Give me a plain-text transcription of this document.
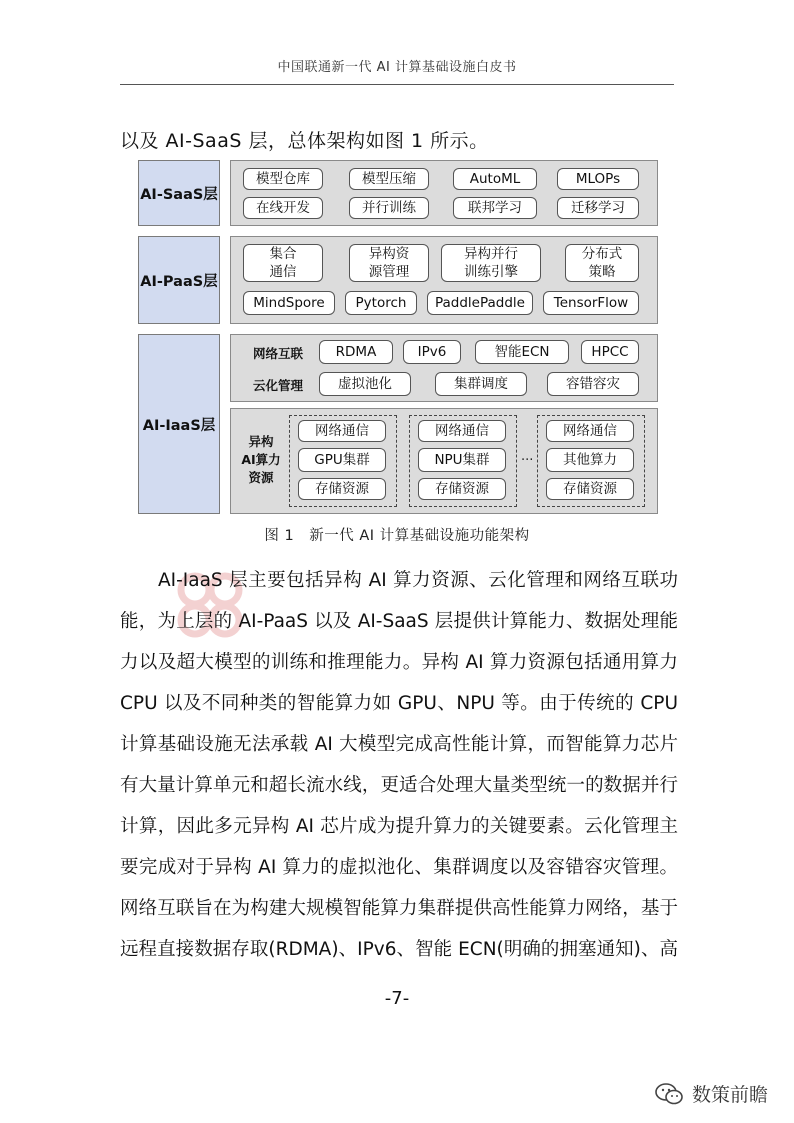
中国联通新一代 AI 计算基础设施白皮书
以及 AI-SaaS 层，总体架构如图 1 所示。
AI-SaaS层
模型仓库	模型压缩	AutoML	MLOPs
在线开发	并行训练	联邦学习	迁移学习
AI-PaaS层
集合
通信
异构资
源管理
异构并行
训练引擎
分布式
策略
MindSpore	Pytorch	PaddlePaddle	TensorFlow
AI-IaaS层
网络互联	RDMA	IPv6	智能ECN	HPCC
云化管理	虚拟池化	集群调度	容错容灾
异构
AI算力
资源
网络通信
GPU集群
存储资源
网络通信
NPU集群
存储资源
···
网络通信
其他算力
存储资源
图 1　新一代 AI 计算基础设施功能架构
AI-IaaS 层主要包括异构 AI 算力资源、云化管理和网络互联功
能，为上层的 AI-PaaS 以及 AI-SaaS 层提供计算能力、数据处理能
力以及超大模型的训练和推理能力。异构 AI 算力资源包括通用算力
CPU 以及不同种类的智能算力如 GPU、NPU 等。由于传统的 CPU
计算基础设施无法承载 AI 大模型完成高性能计算，而智能算力芯片
有大量计算单元和超长流水线，更适合处理大量类型统一的数据并行
计算，因此多元异构 AI 芯片成为提升算力的关键要素。云化管理主
要完成对于异构 AI 算力的虚拟池化、集群调度以及容错容灾管理。
网络互联旨在为构建大规模智能算力集群提供高性能算力网络，基于
远程直接数据存取(RDMA)、IPv6、智能 ECN(明确的拥塞通知)、高
-7-
数策前瞻
